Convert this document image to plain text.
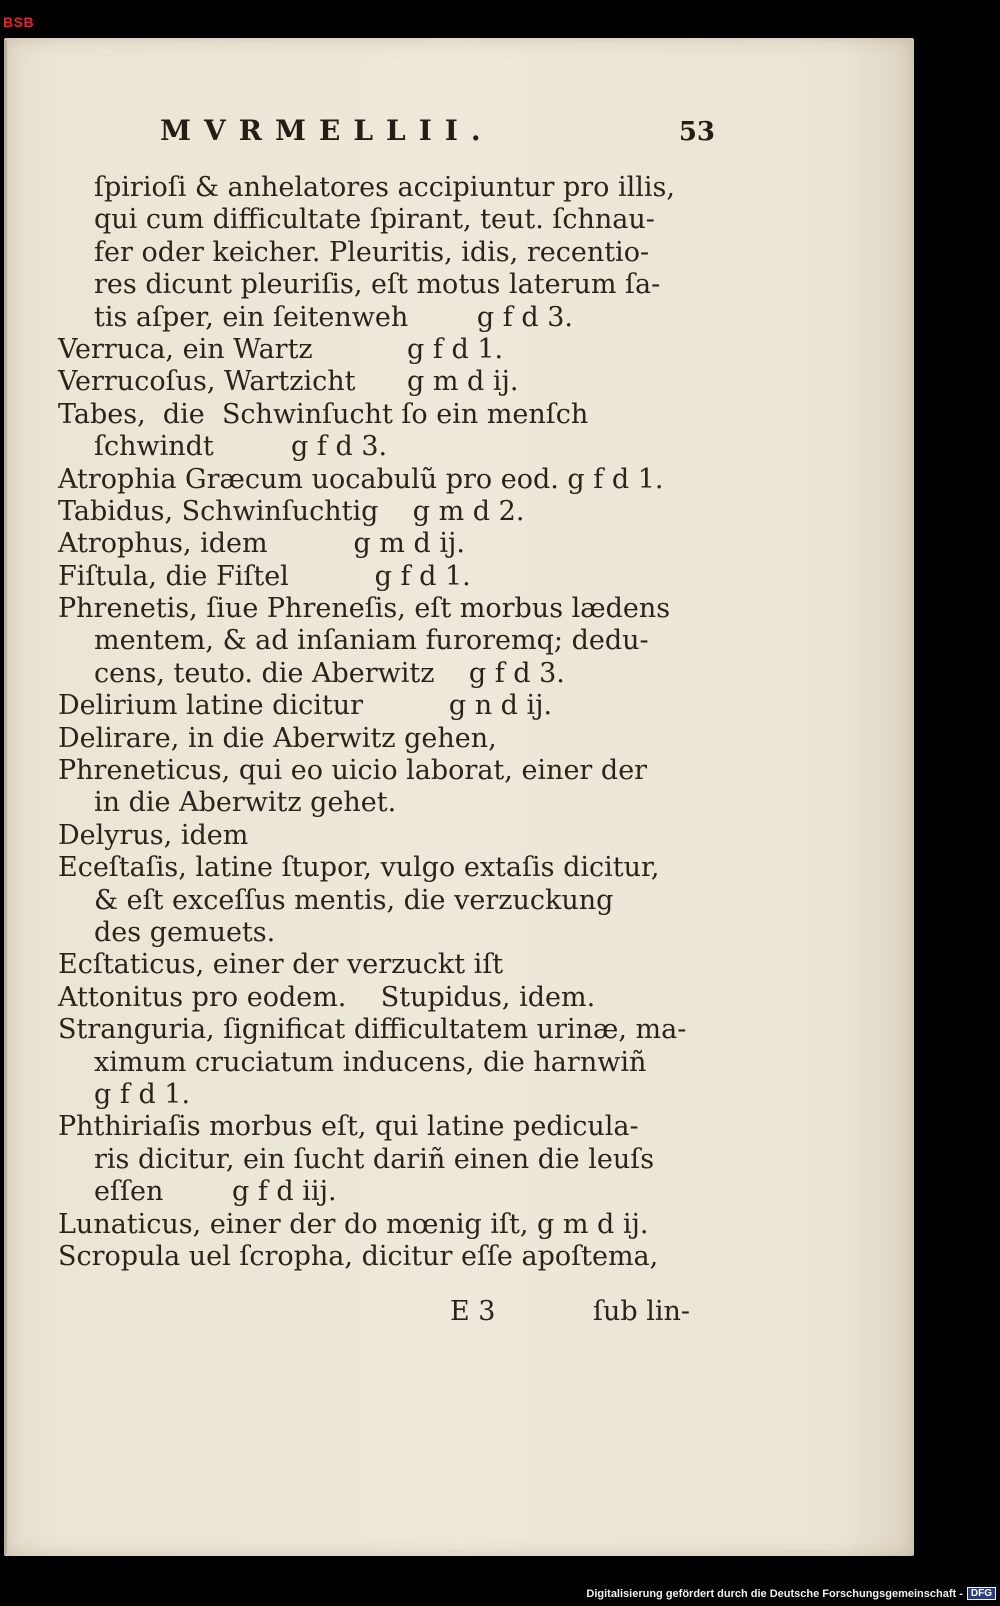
BSB
MVRMELLII.	53
ſpirioſi & anhelatores accipiuntur pro illis,
qui cum difficultate ſpirant, teut. ſchnau-
fer oder keicher. Pleuritis, idis, recentio-
res dicunt pleuriſis, eſt motus laterum ſa-
tis aſper, ein ſeitenweh        g f d 3.
Verruca, ein Wartz           g f d 1.
Verrucoſus, Wartzicht      g m d ij.
Tabes,  die  Schwinſucht ſo ein menſch
ſchwindt         g f d 3.
Atrophia Græcum uocabulũ pro eod. g f d 1.
Tabidus, Schwinſuchtig    g m d 2.
Atrophus, idem          g m d ij.
Fiſtula, die Fiſtel          g f d 1.
Phrenetis, ſiue Phreneſis, eſt morbus lædens
mentem, & ad inſaniam furoremq; dedu-
cens, teuto. die Aberwitz    g f d 3.
Delirium latine dicitur          g n d ij.
Delirare, in die Aberwitz gehen,
Phreneticus, qui eo uicio laborat, einer der
in die Aberwitz gehet.
Delyrus, idem
Eceſtaſis, latine ſtupor, vulgo extaſis dicitur,
& eſt exceſſus mentis, die verzuckung
des gemuets.
Ecſtaticus, einer der verzuckt iſt
Attonitus pro eodem.    Stupidus, idem.
Stranguria, ſignificat difficultatem urinæ, ma-
ximum cruciatum inducens, die harnwiñ
g f d 1.
Phthiriaſis morbus eſt, qui latine pedicula-
ris dicitur, ein ſucht dariñ einen die leuſs
eſſen        g f d iij.
Lunaticus, einer der do mœnig iſt, g m d ij.
Scropula uel ſcropha, dicitur eſſe apoſtema,
E 3	ſub lin-
Digitalisierung gefördert durch die Deutsche Forschungsgemeinschaft - DFG
